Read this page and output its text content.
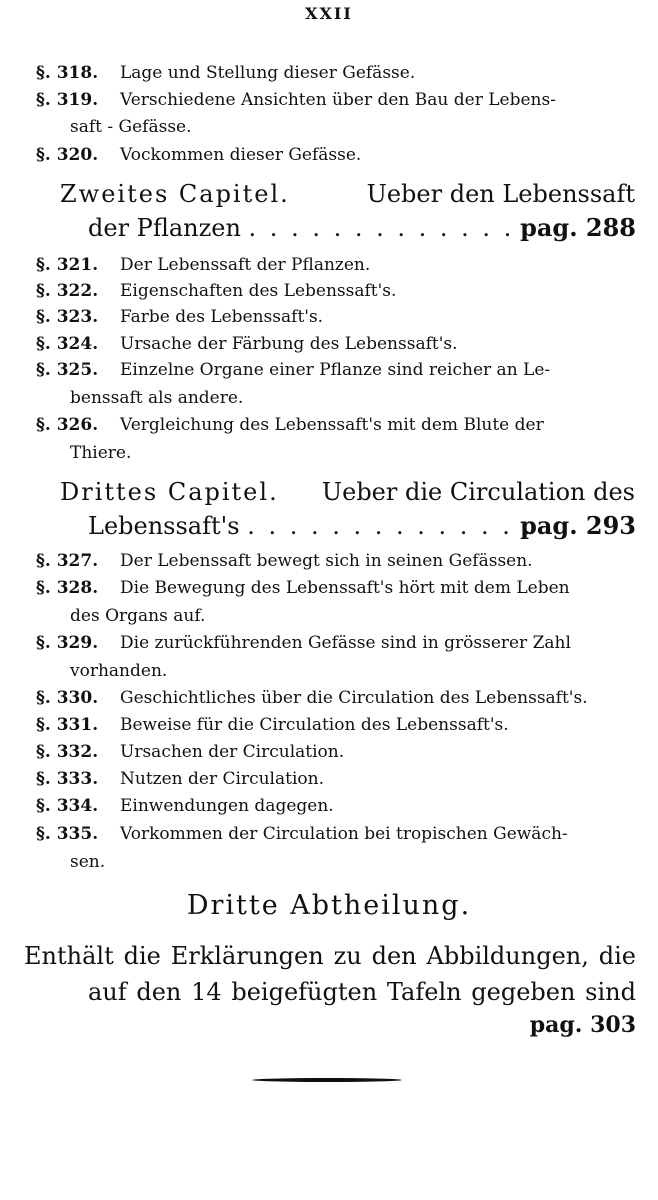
XXII
§. 318. Lage und Stellung dieser Gefässe.
§. 319. Verschiedene Ansichten über den Bau der Lebens-
saft - Gefässe.
§. 320. Vockommen dieser Gefässe.
Zweites Capitel.	Ueber den Lebenssaft
der Pflanzen . . . . . . . . . . . . . pag. 288
§. 321. Der Lebenssaft der Pflanzen.
§. 322. Eigenschaften des Lebenssaft's.
§. 323. Farbe des Lebenssaft's.
§. 324. Ursache der Färbung des Lebenssaft's.
§. 325. Einzelne Organe einer Pflanze sind reicher an Le-
benssaft als andere.
§. 326. Vergleichung des Lebenssaft's mit dem Blute der
Thiere.
Drittes Capitel. Ueber die Circulation des
Lebenssaft's . . . . . . . . . . . . . . .
pag. 293
§. 327. Der Lebenssaft bewegt sich in seinen Gefässen.
§. 328. Die Bewegung des Lebenssaft's hört mit dem Leben
des Organs auf.
§. 329. Die zurückführenden Gefässe sind in grösserer Zahl
vorhanden.
§. 330. Geschichtliches über die Circulation des Lebenssaft's.
§. 331. Beweise für die Circulation des Lebenssaft's.
§. 332. Ursachen der Circulation.
§. 333. Nutzen der Circulation.
§. 334. Einwendungen dagegen.
§. 335. Vorkommen der Circulation bei tropischen Gewäch-
sen.
Dritte Abtheilung.
Enthält die Erklärungen zu den Abbildungen, die
auf den 14 beigefügten Tafeln gegeben sind
pag. 303
